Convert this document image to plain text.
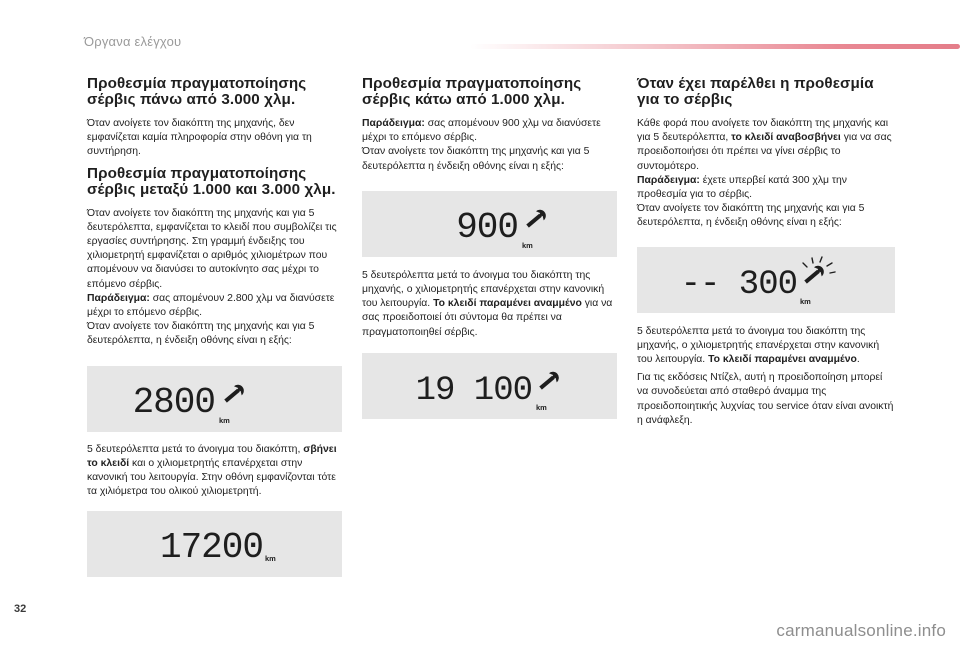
Όργανα ελέγχου
Προθεσμία πραγματοποίησης σέρβις πάνω από 3.000 χλμ.

Όταν ανοίγετε τον διακόπτη της μηχανής, δεν εμφανίζεται καμία πληροφορία στην οθόνη για τη συντήρηση.

Προθεσμία πραγματοποίησης σέρβις μεταξύ 1.000 και 3.000 χλμ.

Όταν ανοίγετε τον διακόπτη της μηχανής και για 5 δευτερόλεπτα, εμφανίζεται το κλειδί που συμβολίζει τις εργασίες συντήρησης. Στη γραμμή ένδειξης του χιλιομετρητή εμφανίζεται ο αριθμός χιλιομέτρων που απομένουν να διανύσει το αυτοκίνητο σας μέχρι το επόμενο σέρβις.

Παράδειγμα: σας απομένουν 2.800 χλμ να διανύσετε μέχρι το επόμενο σέρβις.

Όταν ανοίγετε τον διακόπτη της μηχανής και για 5 δευτερόλεπτα, η ένδειξη οθόνης είναι η εξής:

2800 km

5 δευτερόλεπτα μετά το άνοιγμα του διακόπτη, σβήνει το κλειδί και ο χιλιομετρητής επανέρχεται στην κανονική του λειτουργία. Στην οθόνη εμφανίζονται τότε τα χιλιόμετρα του ολικού χιλιομετρητή.

17200 km
Προθεσμία πραγματοποίησης σέρβις κάτω από 1.000 χλμ.

Παράδειγμα: σας απομένουν 900 χλμ να διανύσετε μέχρι το επόμενο σέρβις.

Όταν ανοίγετε τον διακόπτη της μηχανής και για 5 δευτερόλεπτα η ένδειξη οθόνης είναι η εξής:

900 km

5 δευτερόλεπτα μετά το άνοιγμα του διακόπτη της μηχανής, ο χιλιομετρητής επανέρχεται στην κανονική του λειτουργία. Το κλειδί παραμένει αναμμένο για να σας προειδοποιεί ότι σύντομα θα πρέπει να πραγματοποιηθεί σέρβις.

19 100 km
Όταν έχει παρέλθει η προθεσμία για το σέρβις

Κάθε φορά που ανοίγετε τον διακόπτη της μηχανής και για 5 δευτερόλεπτα, το κλειδί αναβοσβήνει για να σας προειδοποιήσει ότι πρέπει να γίνει σέρβις το συντομότερο.

Παράδειγμα: έχετε υπερβεί κατά 300 χλμ την προθεσμία για το σέρβις.

Όταν ανοίγετε τον διακόπτη της μηχανής και για 5 δευτερόλεπτα, η ένδειξη οθόνης είναι η εξής:

-- 300 km

5 δευτερόλεπτα μετά το άνοιγμα του διακόπτη της μηχανής, ο χιλιομετρητής επανέρχεται στην κανονική του λειτουργία. Το κλειδί παραμένει αναμμένο.

Για τις εκδόσεις Ντίζελ, αυτή η προειδοποίηση μπορεί να συνοδεύεται από σταθερό άναμμα της προειδοποιητικής λυχνίας του service όταν είναι ανοικτή η ανάφλεξη.

32
carmanualsonline.info
